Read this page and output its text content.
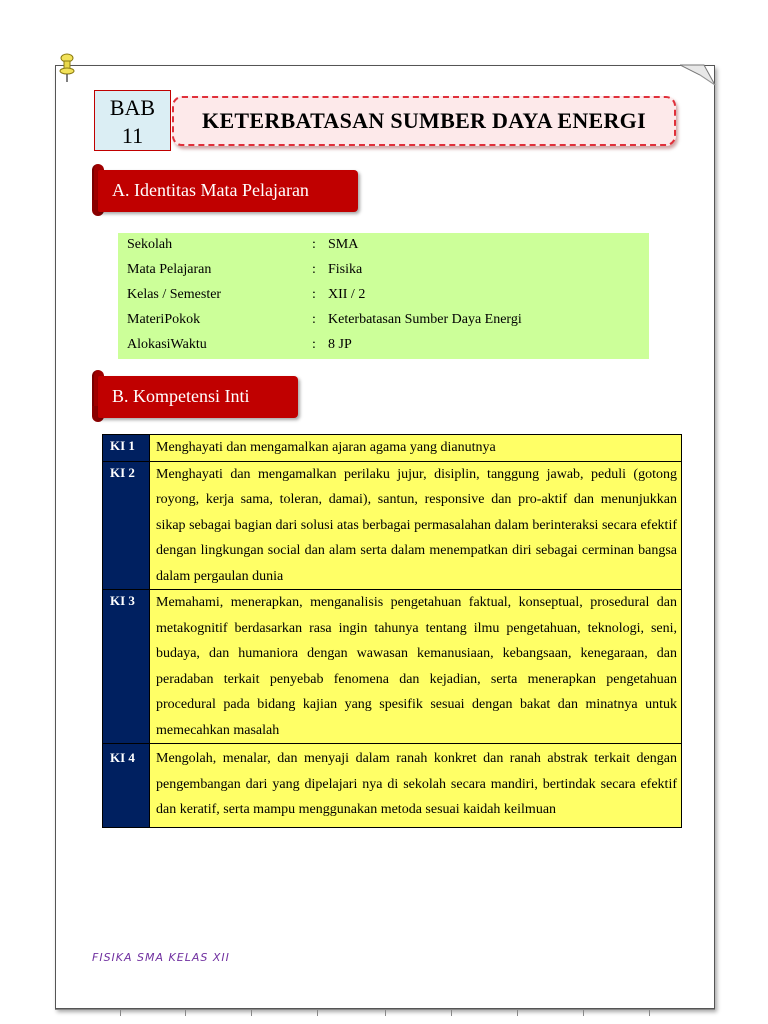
BAB
11
KETERBATASAN SUMBER DAYA ENERGI
A. Identitas Mata Pelajaran
Sekolah	: SMA
Mata Pelajaran	: Fisika
Kelas / Semester	: XII / 2
MateriPokok	: Keterbatasan Sumber Daya Energi
AlokasiWaktu	: 8 JP
B. Kompetensi Inti
KI 1	Menghayati dan mengamalkan ajaran agama yang dianutnya
KI 2	Menghayati dan mengamalkan perilaku jujur, disiplin, tanggung jawab, peduli (gotong royong, kerja sama, toleran, damai), santun, responsive dan pro-aktif dan menunjukkan sikap sebagai bagian dari solusi atas berbagai permasalahan dalam berinteraksi secara efektif dengan lingkungan social dan alam serta dalam menempatkan diri sebagai cerminan bangsa dalam pergaulan dunia
KI 3	Memahami, menerapkan, menganalisis pengetahuan faktual, konseptual, prosedural dan metakognitif berdasarkan rasa ingin tahunya tentang ilmu pengetahuan, teknologi, seni, budaya, dan humaniora dengan wawasan kemanusiaan, kebangsaan, kenegaraan, dan peradaban terkait penyebab fenomena dan kejadian, serta menerapkan pengetahuan procedural pada bidang kajian yang spesifik sesuai dengan bakat dan minatnya untuk memecahkan masalah
KI 4	Mengolah, menalar, dan menyaji dalam ranah konkret dan ranah abstrak terkait dengan pengembangan dari yang dipelajari nya di sekolah secara mandiri, bertindak secara efektif dan keratif, serta mampu menggunakan metoda sesuai kaidah keilmuan
FISIKA SMA KELAS XII
